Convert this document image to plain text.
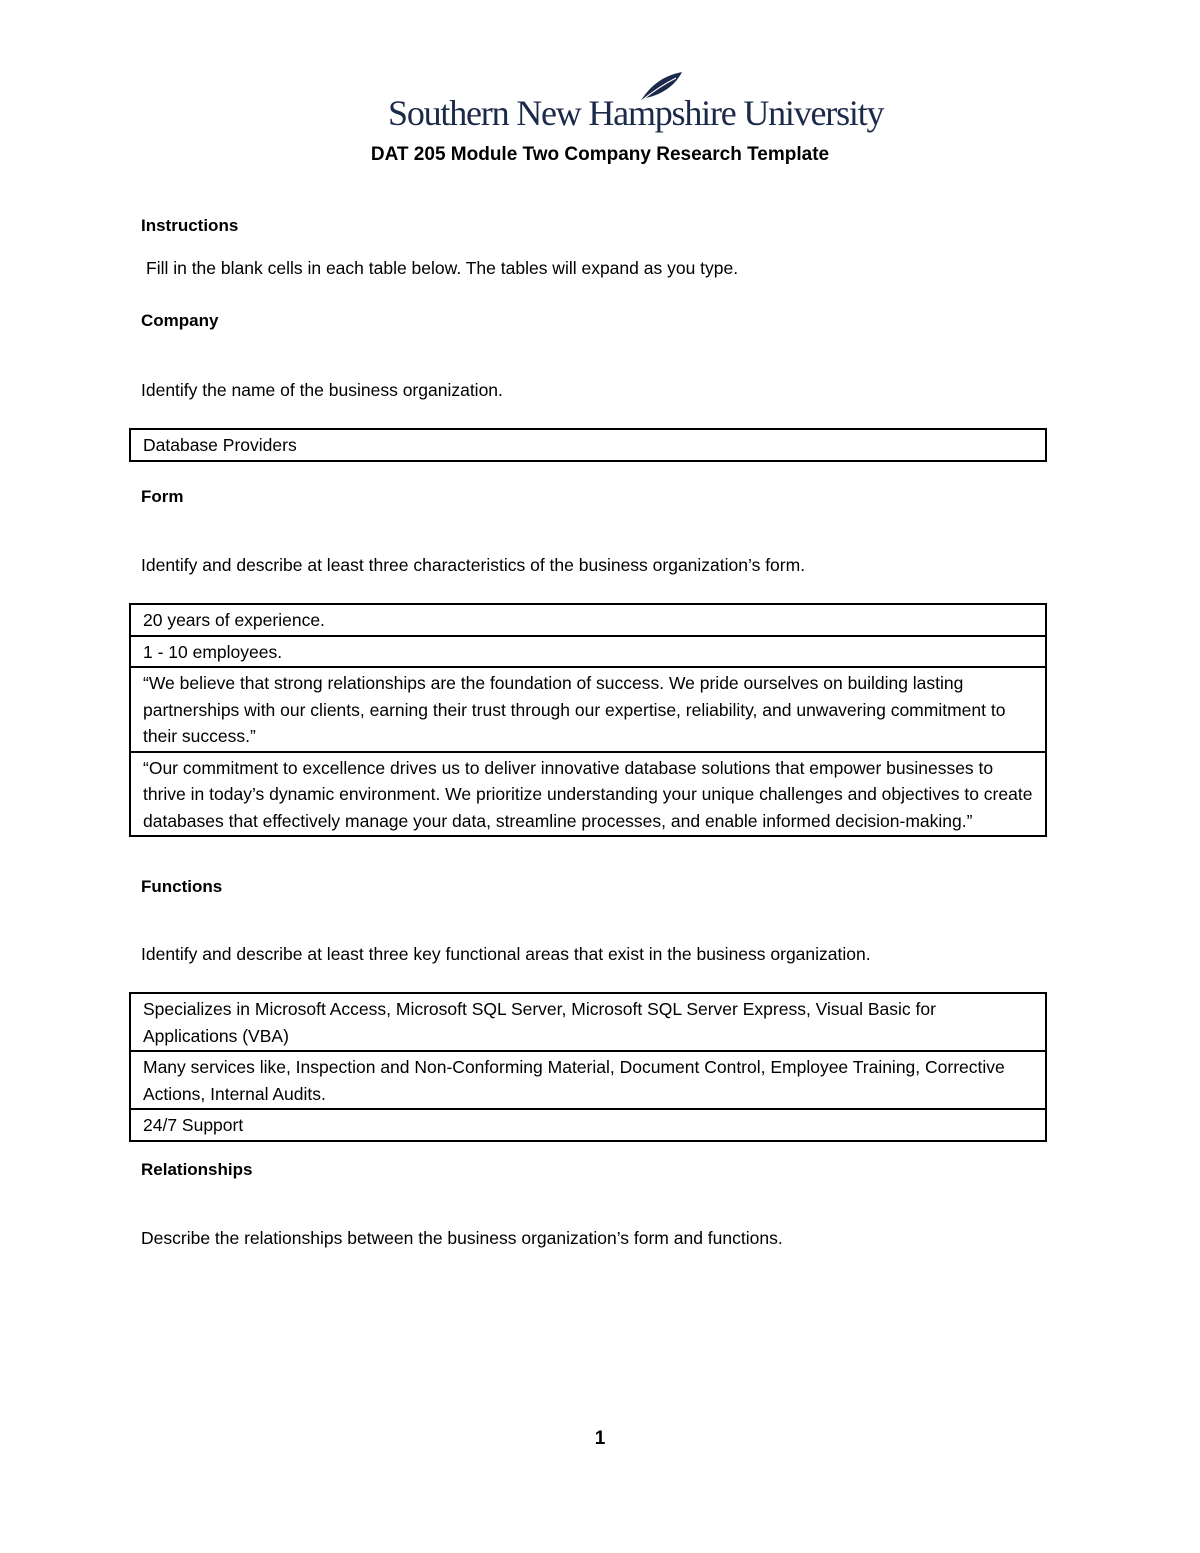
Southern New Hampshire University
DAT 205 Module Two Company Research Template
Instructions

Fill in the blank cells in each table below. The tables will expand as you type.

Company

Identify the name of the business organization.

Database Providers
Form

Identify and describe at least three characteristics of the business organization’s form.

20 years of experience.
1 - 10 employees.
“We believe that strong relationships are the foundation of success. We pride ourselves on building lasting partnerships with our clients, earning their trust through our expertise, reliability, and unwavering commitment to their success.”
“Our commitment to excellence drives us to deliver innovative database solutions that empower businesses to thrive in today’s dynamic environment. We prioritize understanding your unique challenges and objectives to create databases that effectively manage your data, streamline processes, and enable informed decision-making.”
Functions

Identify and describe at least three key functional areas that exist in the business organization.

Specializes in Microsoft Access, Microsoft SQL Server, Microsoft SQL Server Express, Visual Basic for Applications (VBA)
Many services like, Inspection and Non-Conforming Material, Document Control, Employee Training, Corrective Actions, Internal Audits.
24/7 Support
Relationships

Describe the relationships between the business organization’s form and functions.

1
